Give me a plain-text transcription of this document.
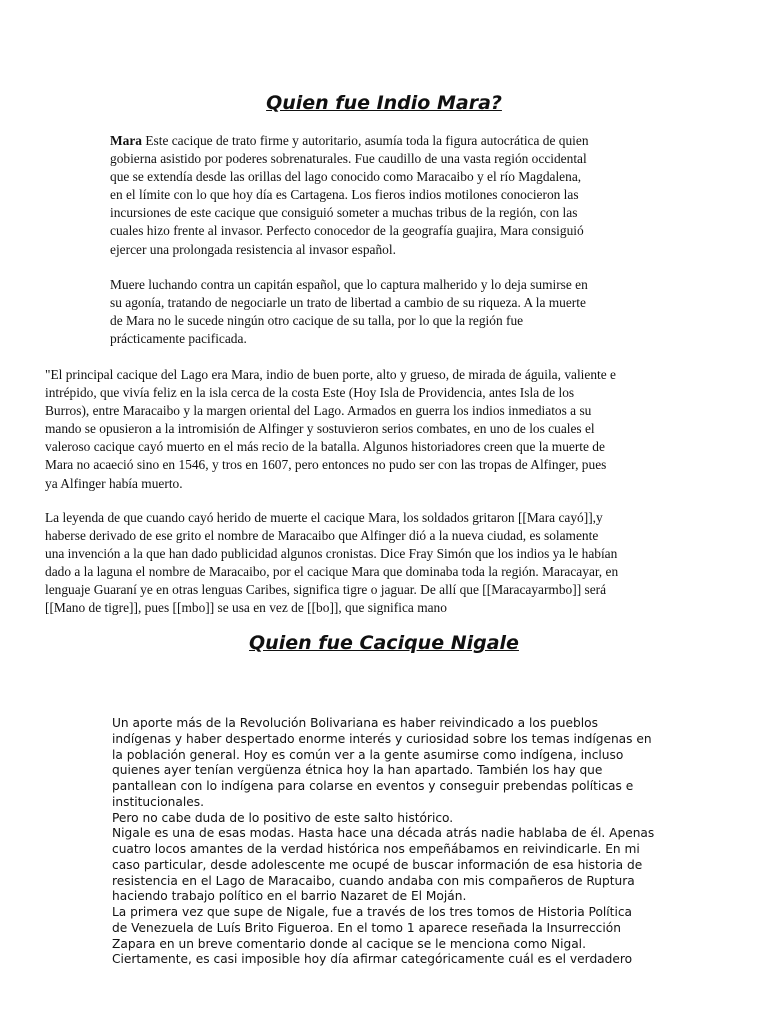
Quien fue Indio Mara?
Mara Este cacique de trato firme y autoritario, asumía toda la figura autocrática de quien
gobierna asistido por poderes sobrenaturales. Fue caudillo de una vasta región occidental
que se extendía desde las orillas del lago conocido como Maracaibo y el río Magdalena,
en el límite con lo que hoy día es Cartagena. Los fieros indios motilones conocieron las
incursiones de este cacique que consiguió someter a muchas tribus de la región, con las
cuales hizo frente al invasor. Perfecto conocedor de la geografía guajira, Mara consiguió
ejercer una prolongada resistencia al invasor español.
Muere luchando contra un capitán español, que lo captura malherido y lo deja sumirse en
su agonía, tratando de negociarle un trato de libertad a cambio de su riqueza. A la muerte
de Mara no le sucede ningún otro cacique de su talla, por lo que la región fue
prácticamente pacificada.
"El principal cacique del Lago era Mara, indio de buen porte, alto y grueso, de mirada de águila, valiente e
intrépido, que vivía feliz en la isla cerca de la costa Este (Hoy Isla de Providencia, antes Isla de los
Burros), entre Maracaibo y la margen oriental del Lago. Armados en guerra los indios inmediatos a su
mando se opusieron a la intromisión de Alfinger y sostuvieron serios combates, en uno de los cuales el
valeroso cacique cayó muerto en el más recio de la batalla. Algunos historiadores creen que la muerte de
Mara no acaeció sino en 1546, y tros en 1607, pero entonces no pudo ser con las tropas de Alfinger, pues
ya Alfinger había muerto.
La leyenda de que cuando cayó herido de muerte el cacique Mara, los soldados gritaron [[Mara cayó]],y
haberse derivado de ese grito el nombre de Maracaibo que Alfinger dió a la nueva ciudad, es solamente
una invención a la que han dado publicidad algunos cronistas. Dice Fray Simón que los indios ya le habían
dado a la laguna el nombre de Maracaibo, por el cacique Mara que dominaba toda la región. Maracayar, en
lenguaje Guaraní ye en otras lenguas Caribes, significa tigre o jaguar. De allí que [[Maracayarmbo]] será
[[Mano de tigre]], pues [[mbo]] se usa en vez de [[bo]], que significa mano
Quien fue Cacique Nigale
Un aporte más de la Revolución Bolivariana es haber reivindicado a los pueblos
indígenas y haber despertado enorme interés y curiosidad sobre los temas indígenas en
la población general. Hoy es común ver a la gente asumirse como indígena, incluso
quienes ayer tenían vergüenza étnica hoy la han apartado. También los hay que
pantallean con lo indígena para colarse en eventos y conseguir prebendas políticas e
institucionales.
Pero no cabe duda de lo positivo de este salto histórico.
Nigale es una de esas modas. Hasta hace una década atrás nadie hablaba de él. Apenas
cuatro locos amantes de la verdad histórica nos empeñábamos en reivindicarle. En mi
caso particular, desde adolescente me ocupé de buscar información de esa historia de
resistencia en el Lago de Maracaibo, cuando andaba con mis compañeros de Ruptura
haciendo trabajo político en el barrio Nazaret de El Moján.
La primera vez que supe de Nigale, fue a través de los tres tomos de Historia Política
de Venezuela de Luís Brito Figueroa. En el tomo 1 aparece reseñada la Insurrección
Zapara en un breve comentario donde al cacique se le menciona como Nigal.
Ciertamente, es casi imposible hoy día afirmar categóricamente cuál es el verdadero
